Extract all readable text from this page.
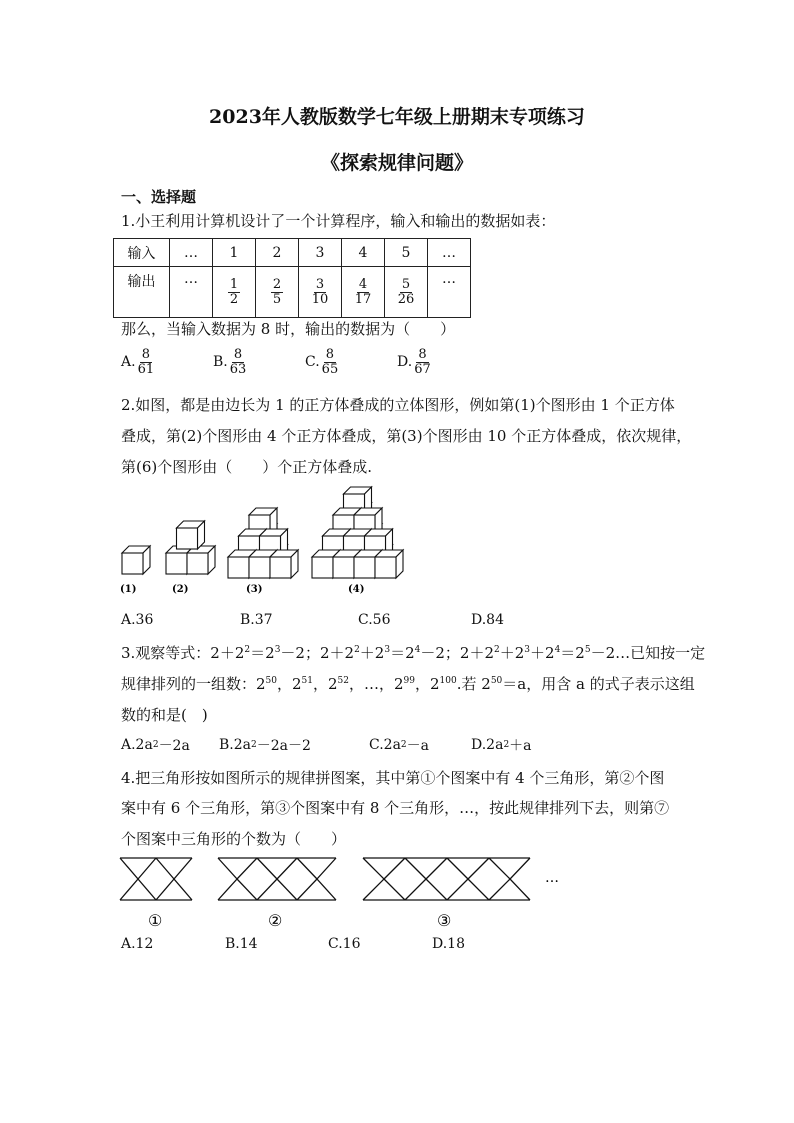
2023年人教版数学七年级上册期末专项练习
《探索规律问题》
一、选择题
1.小王利用计算机设计了一个计算程序，输入和输出的数据如表：
输入	…	1	2	3	4	5	…
输出	…	$\frac{1}{2}$	$\frac{2}{5}$	$\frac{3}{10}$	$\frac{4}{17}$	$\frac{5}{26}$	…
那么，当输入数据为 8 时，输出的数据为（　　）
A. $\frac{8}{61}$	B. $\frac{8}{63}$	C. $\frac{8}{65}$	D. $\frac{8}{67}$
2.如图，都是由边长为 1 的正方体叠成的立体图形，例如第(1)个图形由 1 个正方体
叠成，第(2)个图形由 4 个正方体叠成，第(3)个图形由 10 个正方体叠成，依次规律，
第(6)个图形由（　　）个正方体叠成.
(1)	(2)	(3)	(4)
A.36	B.37	C.56	D.84
3.观察等式：$2+2^2=2^3-2$；$2+2^2+2^3=2^4-2$；$2+2^2+2^3+2^4=2^5-2\dots$已知按一定
规律排列的一组数：$2^{50}$，$2^{51}$，$2^{52}$，…，$2^{99}$，$2^{100}$.若 $2^{50}=a$，用含 a 的式子表示这组
数的和是(　)
A.2a 2 －2a B.2a 2 －2a－2	C.2a 2 －a	D.2a 2 ＋a
4.把三角形按如图所示的规律拼图案，其中第①个图案中有 4 个三角形，第②个图
案中有 6 个三角形，第③个图案中有 8 个三角形，…，按此规律排列下去，则第⑦
个图案中三角形的个数为（　　）
…
①	②	③
A.12	B.14	C.16	D.18
